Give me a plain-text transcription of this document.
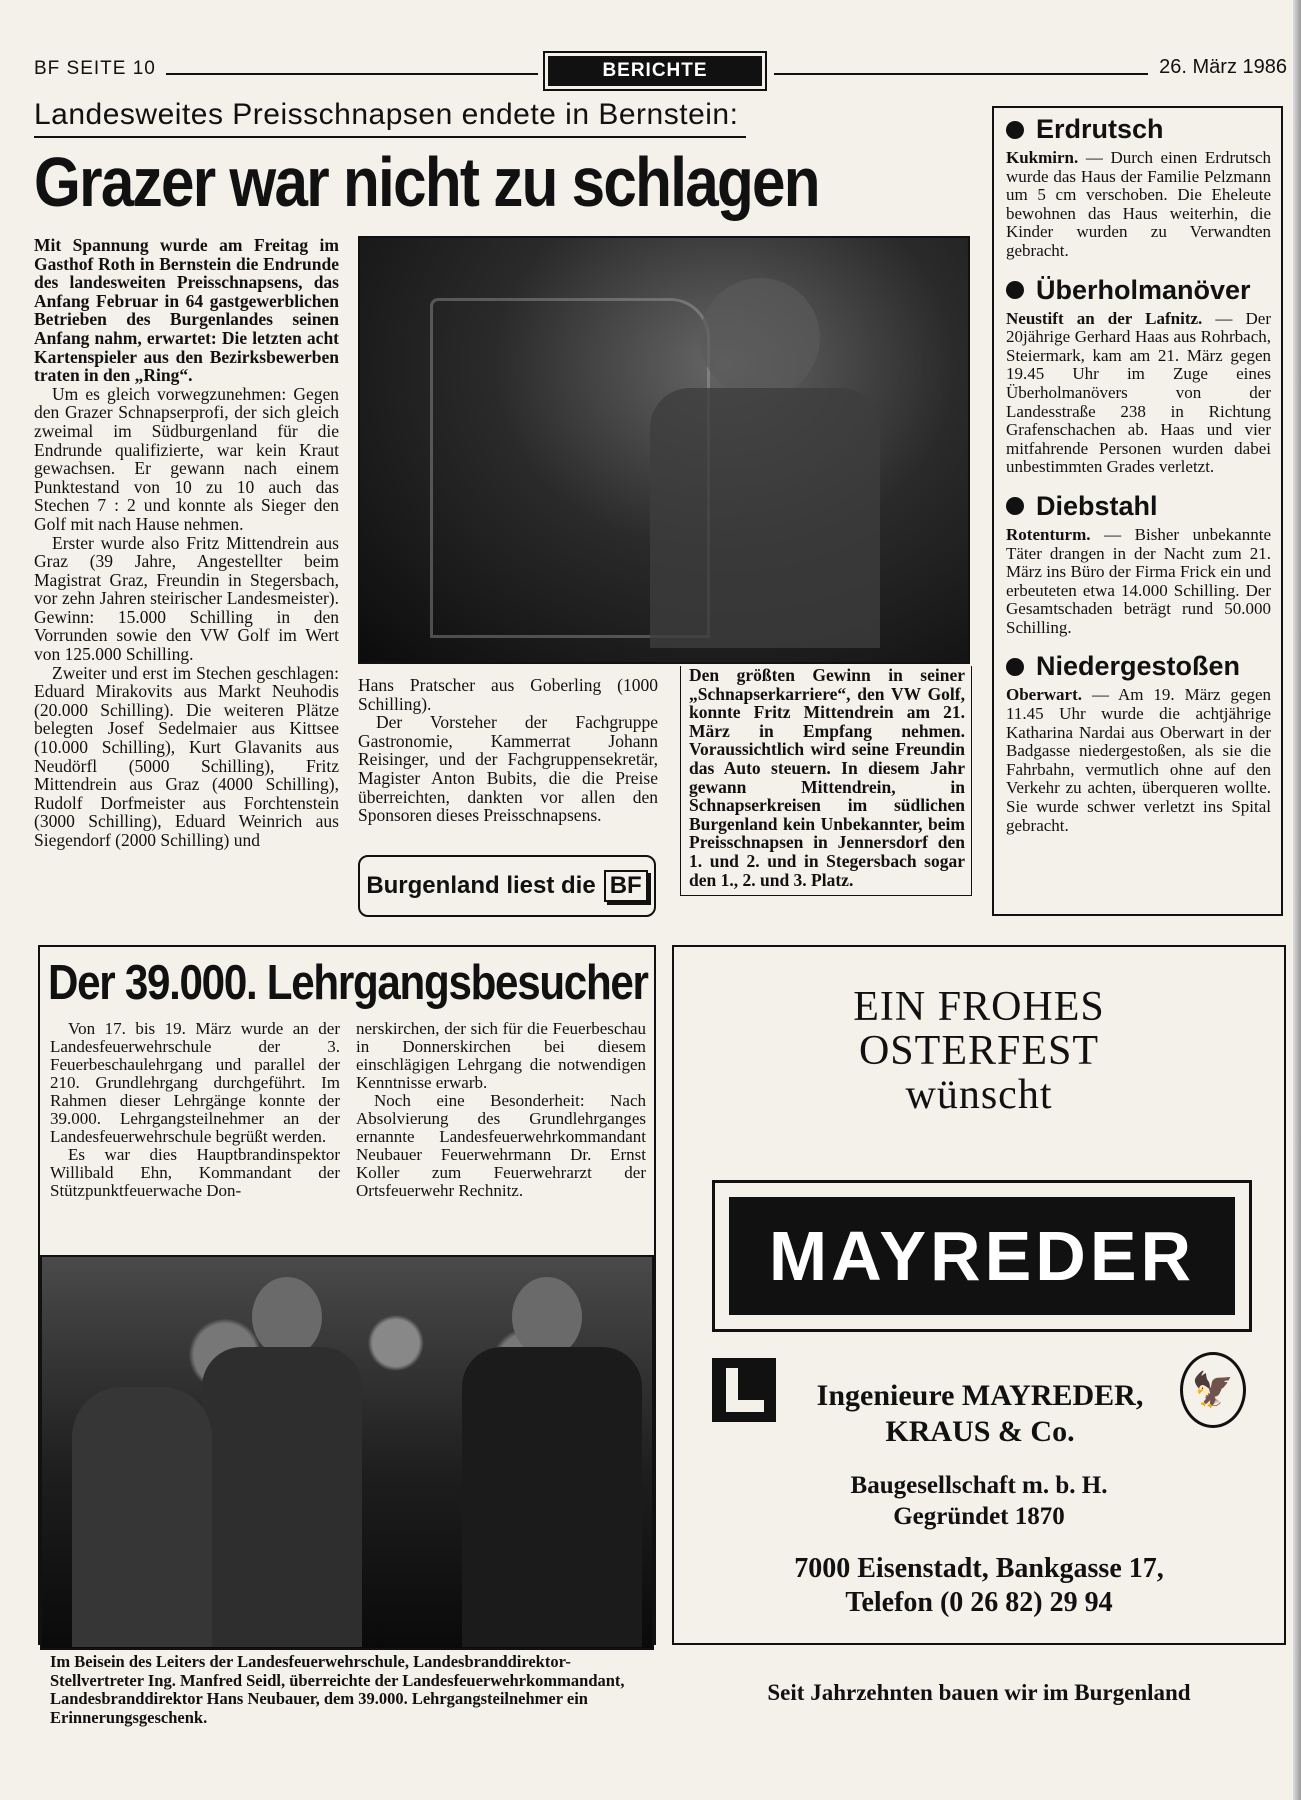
BF SEITE 10	BERICHTE	26. März 1986
Landesweites Preisschnapsen endete in Bernstein:
Grazer war nicht zu schlagen

Mit Spannung wurde am Freitag im Gasthof Roth in Bernstein die Endrunde des landesweiten Preisschnapsens, das Anfang Februar in 64 gastgewerblichen Betrieben des Burgenlandes seinen Anfang nahm, erwartet: Die letzten acht Kartenspieler aus den Bezirksbewerben traten in den „Ring“.

Um es gleich vorwegzunehmen: Gegen den Grazer Schnapserprofi, der sich gleich zweimal im Südburgenland für die Endrunde qualifizierte, war kein Kraut gewachsen. Er gewann nach einem Punktestand von 10 zu 10 auch das Stechen 7 : 2 und konnte als Sieger den Golf mit nach Hause nehmen.

Erster wurde also Fritz Mittendrein aus Graz (39 Jahre, Angestellter beim Magistrat Graz, Freundin in Stegersbach, vor zehn Jahren steirischer Landesmeister). Gewinn: 15.000 Schilling in den Vorrunden sowie den VW Golf im Wert von 125.000 Schilling.

Zweiter und erst im Stechen geschlagen: Eduard Mirakovits aus Markt Neuhodis (20.000 Schilling). Die weiteren Plätze belegten Josef Sedelmaier aus Kittsee (10.000 Schilling), Kurt Glavanits aus Neudörfl (5000 Schilling), Fritz Mittendrein aus Graz (4000 Schilling), Rudolf Dorfmeister aus Forchtenstein (3000 Schilling), Eduard Weinrich aus Siegendorf (2000 Schilling) und

Hans Pratscher aus Goberling (1000 Schilling).

Der Vorsteher der Fachgruppe Gastronomie, Kammerrat Johann Reisinger, und der Fachgruppensekretär, Magister Anton Bubits, die die Preise überreichten, dankten vor allen den Sponsoren dieses Preisschnapsens.

Den größten Gewinn in seiner „Schnapserkarriere“, den VW Golf, konnte Fritz Mittendrein am 21. März in Empfang nehmen. Voraussichtlich wird seine Freundin das Auto steuern. In diesem Jahr gewann Mittendrein, in Schnapserkreisen im südlichen Burgenland kein Unbekannter, beim Preisschnapsen in Jennersdorf den 1. und 2. und in Stegersbach sogar den 1., 2. und 3. Platz.
Burgenland liest die BF

Erdrutsch

Kukmirn. — Durch einen Erdrutsch wurde das Haus der Familie Pelzmann um 5 cm verschoben. Die Eheleute bewohnen das Haus weiterhin, die Kinder wurden zu Verwandten gebracht.

Überholmanöver

Neustift an der Lafnitz. — Der 20jährige Gerhard Haas aus Rohrbach, Steiermark, kam am 21. März gegen 19.45 Uhr im Zuge eines Überholmanövers von der Landesstraße 238 in Richtung Grafenschachen ab. Haas und vier mitfahrende Personen wurden dabei unbestimmten Grades verletzt.

Diebstahl

Rotenturm. — Bisher unbekannte Täter drangen in der Nacht zum 21. März ins Büro der Firma Frick ein und erbeuteten etwa 14.000 Schilling. Der Gesamtschaden beträgt rund 50.000 Schilling.

Niedergestoßen

Oberwart. — Am 19. März gegen 11.45 Uhr wurde die achtjährige Katharina Nardai aus Oberwart in der Badgasse niedergestoßen, als sie die Fahrbahn, vermutlich ohne auf den Verkehr zu achten, überqueren wollte. Sie wurde schwer verletzt ins Spital gebracht.

Der 39.000. Lehrgangsbesucher

Von 17. bis 19. März wurde an der Landesfeuerwehrschule der 3. Feuerbeschaulehrgang und parallel der 210. Grundlehrgang durchgeführt. Im Rahmen dieser Lehrgänge konnte der 39.000. Lehrgangsteilnehmer an der Landesfeuerwehrschule begrüßt werden.

Es war dies Hauptbrandinspektor Willibald Ehn, Kommandant der Stützpunktfeuerwache Don-

nerskirchen, der sich für die Feuerbeschau in Donnerskirchen bei diesem einschlägigen Lehrgang die notwendigen Kenntnisse erwarb.

Noch eine Besonderheit: Nach Absolvierung des Grundlehrganges ernannte Landesfeuerwehrkommandant Neubauer Feuerwehrmann Dr. Ernst Koller zum Feuerwehrarzt der Ortsfeuerwehr Rechnitz.

Im Beisein des Leiters der Landesfeuerwehrschule, Landesbranddirektor-Stellvertreter Ing. Manfred Seidl, überreichte der Landesfeuerwehrkommandant, Landesbranddirektor Hans Neubauer, dem 39.000. Lehrgangsteilnehmer ein Erinnerungsgeschenk.
EIN FROHES
OSTERFEST
wünscht
MAYREDER
🦅
Ingenieure MAYREDER,
KRAUS & Co.
Baugesellschaft m. b. H.
Gegründet 1870
7000 Eisenstadt, Bankgasse 17,
Telefon (0 26 82) 29 94
Seit Jahrzehnten bauen wir im Burgenland
